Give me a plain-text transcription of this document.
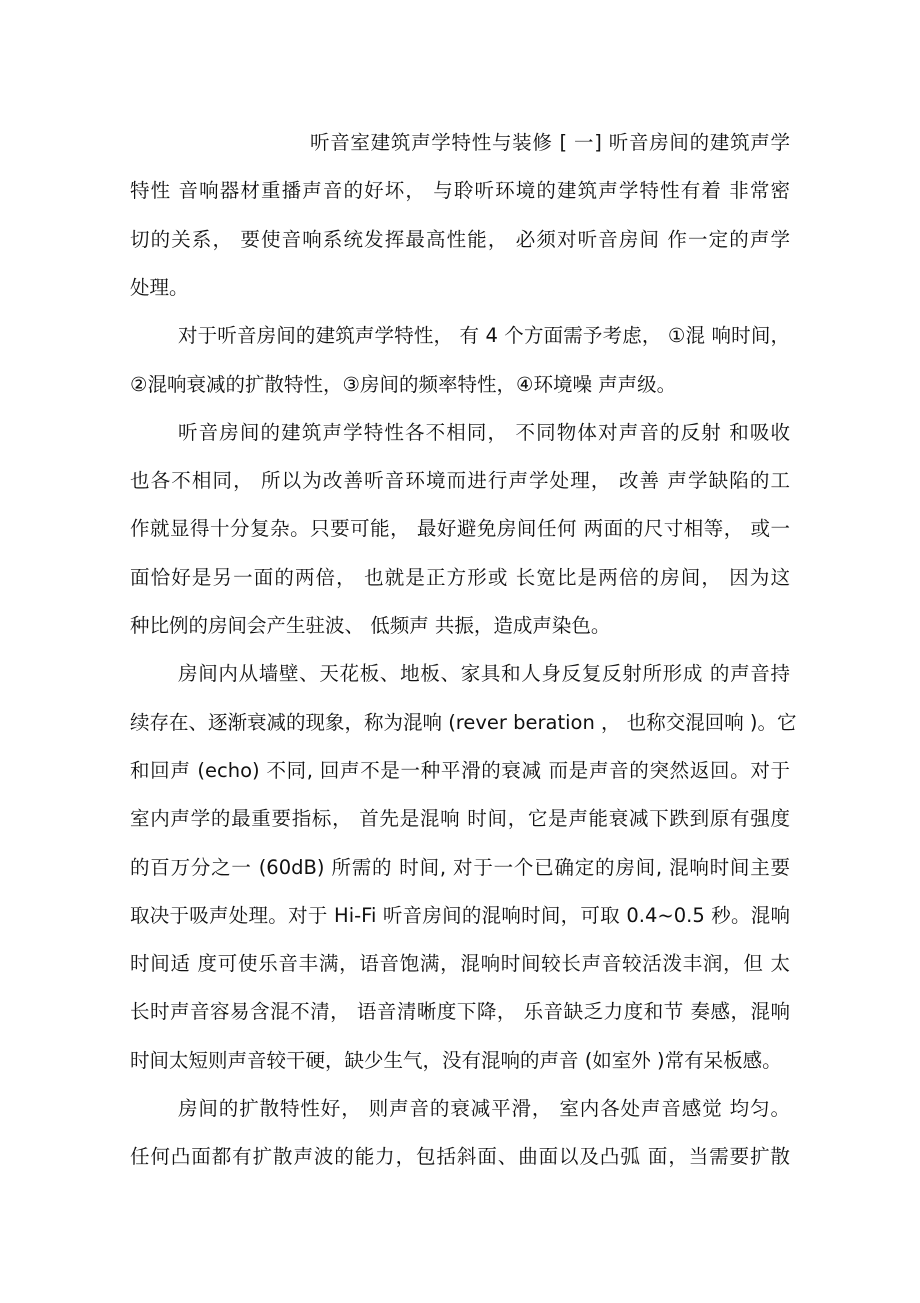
听音室建筑声学特性与装修 [ 一] 听音房间的建筑声学
特性 音响器材重播声音的好坏， 与聆听环境的建筑声学特性有着 非常密
切的关系， 要使音响系统发挥最高性能， 必须对听音房间 作一定的声学
处理。
对于听音房间的建筑声学特性， 有 4 个方面需予考虑， ①混 响时间，
②混响衰减的扩散特性，③房间的频率特性，④环境噪 声声级。
听音房间的建筑声学特性各不相同， 不同物体对声音的反射 和吸收
也各不相同， 所以为改善听音环境而进行声学处理， 改善 声学缺陷的工
作就显得十分复杂。只要可能， 最好避免房间任何 两面的尺寸相等， 或一
面恰好是另一面的两倍， 也就是正方形或 长宽比是两倍的房间， 因为这
种比例的房间会产生驻波、 低频声 共振，造成声染色。
房间内从墙壁、天花板、地板、家具和人身反复反射所形成 的声音持
续存在、逐渐衰减的现象，称为混响 (rever beration ， 也称交混回响 )。它
和回声 (echo) 不同, 回声不是一种平滑的衰减 而是声音的突然返回。对于
室内声学的最重要指标， 首先是混响 时间，它是声能衰减下跌到原有强度
的百万分之一 (60dB) 所需的 时间, 对于一个已确定的房间, 混响时间主要
取决于吸声处理。对于 Hi-Fi 听音房间的混响时间，可取 0.4~0.5 秒。混响
时间适 度可使乐音丰满，语音饱满，混响时间较长声音较活泼丰润，但 太
长时声音容易含混不清， 语音清晰度下降， 乐音缺乏力度和节 奏感，混响
时间太短则声音较干硬，缺少生气，没有混响的声音 (如室外 )常有呆板感。
房间的扩散特性好， 则声音的衰减平滑， 室内各处声音感觉 均匀。
任何凸面都有扩散声波的能力，包括斜面、曲面以及凸弧 面，当需要扩散
